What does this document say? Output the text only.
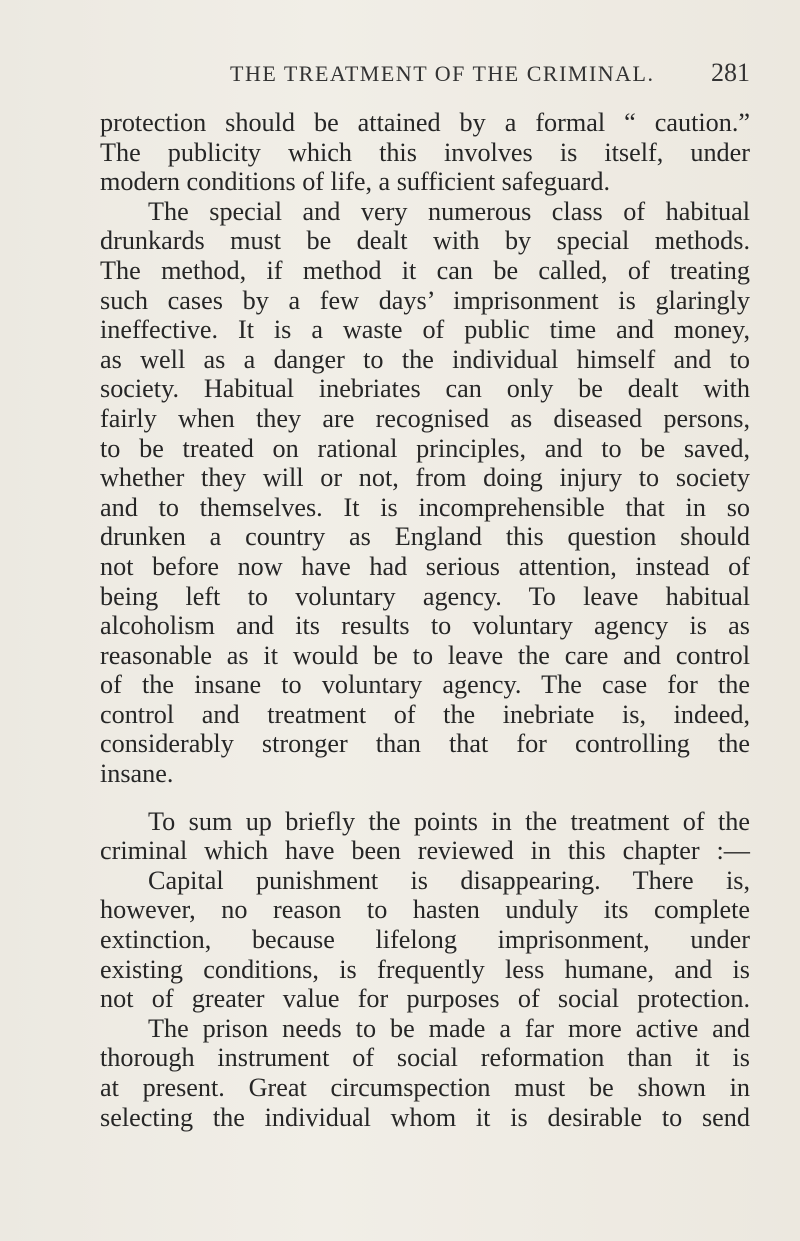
THE TREATMENT OF THE CRIMINAL. 281
protection should be attained by a formal “ caution.”
The publicity which this involves is itself, under
modern conditions of life, a sufficient safeguard.
The special and very numerous class of habitual
drunkards must be dealt with by special methods.
The method, if method it can be called, of treating
such cases by a few days’ imprisonment is glaringly
ineffective. It is a waste of public time and money,
as well as a danger to the individual himself and to
society. Habitual inebriates can only be dealt with
fairly when they are recognised as diseased persons,
to be treated on rational principles, and to be saved,
whether they will or not, from doing injury to society
and to themselves. It is incomprehensible that in so
drunken a country as England this question should
not before now have had serious attention, instead of
being left to voluntary agency. To leave habitual
alcoholism and its results to voluntary agency is as
reasonable as it would be to leave the care and control
of the insane to voluntary agency. The case for the
control and treatment of the inebriate is, indeed,
considerably stronger than that for controlling the
insane.
To sum up briefly the points in the treatment of the
criminal which have been reviewed in this chapter :—
Capital punishment is disappearing. There is,
however, no reason to hasten unduly its complete
extinction, because lifelong imprisonment, under
existing conditions, is frequently less humane, and is
not of greater value for purposes of social protection.
The prison needs to be made a far more active and
thorough instrument of social reformation than it is
at present. Great circumspection must be shown in
selecting the individual whom it is desirable to send
